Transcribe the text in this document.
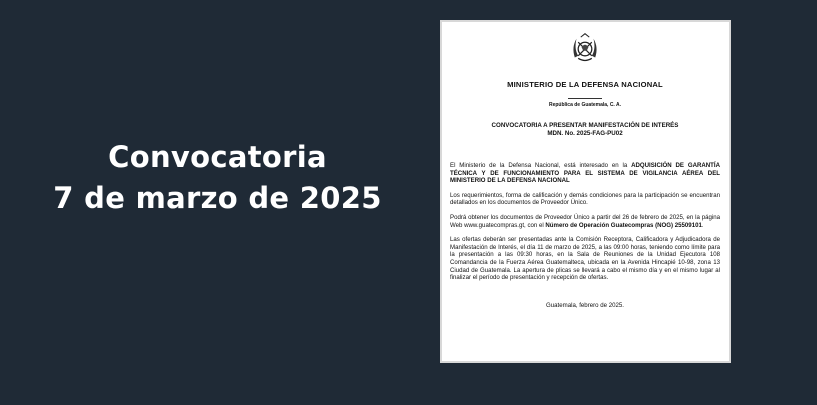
Convocatoria
7 de marzo de 2025
MINISTERIO DE LA DEFENSA NACIONAL
República de Guatemala, C. A.
CONVOCATORIA A PRESENTAR MANIFESTACIÓN DE INTERÉS
MDN. No. 2025-FAG-PU02

El Ministerio de la Defensa Nacional, está interesado en la ADQUISICIÓN DE GARANTÍA TÉCNICA Y DE FUNCIONAMIENTO PARA EL SISTEMA DE VIGILANCIA AÉREA DEL MINISTERIO DE LA DEFENSA NACIONAL

Los requerimientos, forma de calificación y demás condiciones para la participación se encuentran detallados en los documentos de Proveedor Único.

Podrá obtener los documentos de Proveedor Único a partir del 26 de febrero de 2025, en la página Web www.guatecompras.gt, con el Número de Operación Guatecompras (NOG) 25509101.

Las ofertas deberán ser presentadas ante la Comisión Receptora, Calificadora y Adjudicadora de Manifestación de Interés, el día 11 de marzo de 2025, a las 09:00 horas, teniendo como límite para la presentación a las 09:30 horas, en la Sala de Reuniones de la Unidad Ejecutora 108 Comandancia de la Fuerza Aérea Guatemalteca, ubicada en la Avenida Hincapié 10-98, zona 13 Ciudad de Guatemala. La apertura de plicas se llevará a cabo el mismo día y en el mismo lugar al finalizar el período de presentación y recepción de ofertas.

Guatemala, febrero de 2025.
